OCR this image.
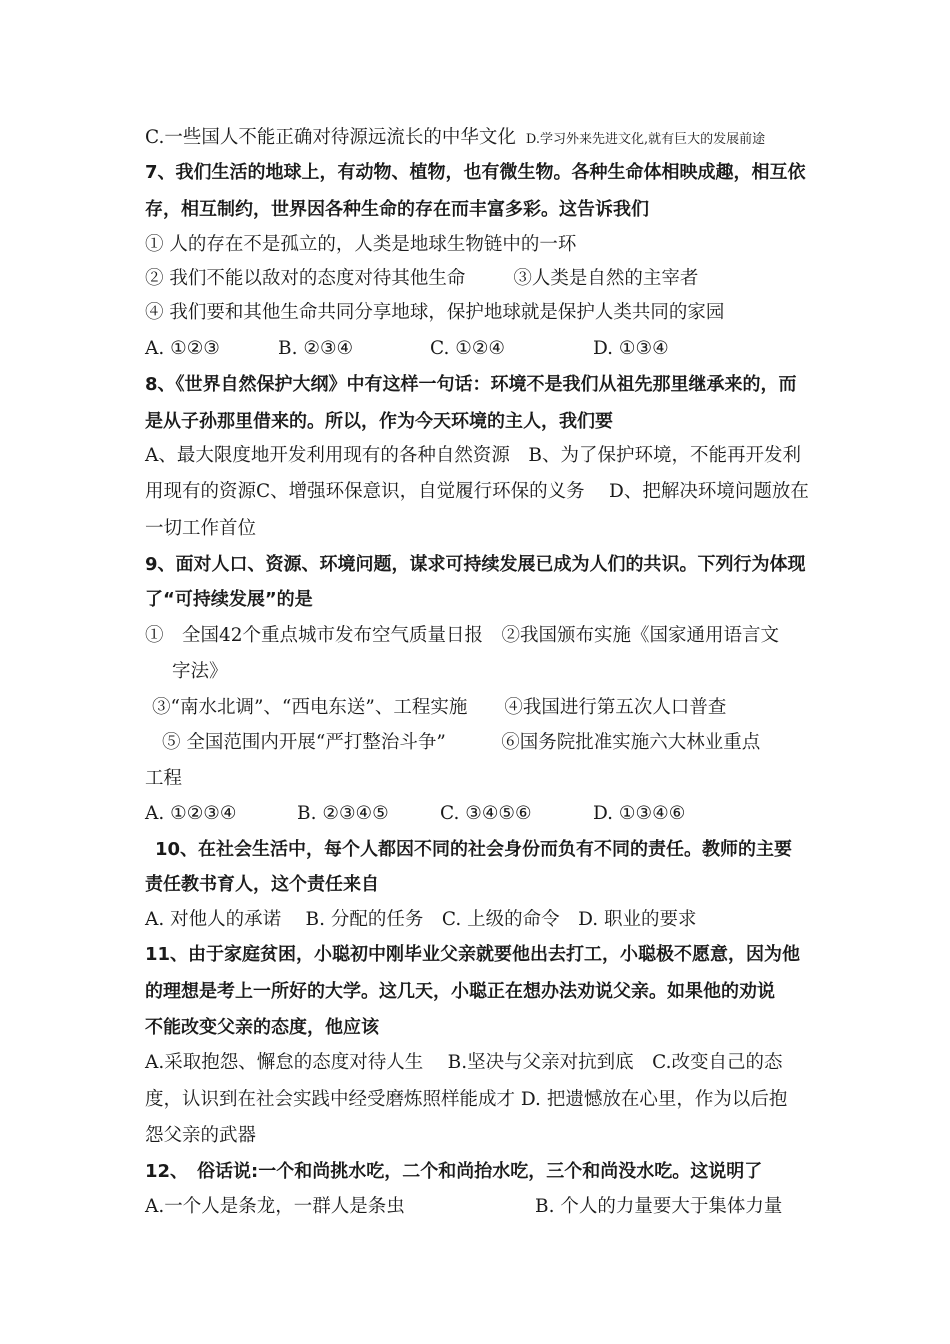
C.一些国人不能正确对待源远流长的中华文化 D.学习外来先进文化,就有巨大的发展前途
7、我们生活的地球上，有动物、植物，也有微生物。各种生命体相映成趣，相互依
存，相互制约，世界因各种生命的存在而丰富多彩。这告诉我们
① 人的存在不是孤立的，人类是地球生物链中的一环
② 我们不能以敌对的态度对待其他生命	③人类是自然的主宰者
④ 我们要和其他生命共同分享地球，保护地球就是保护人类共同的家园
A. ①②③	B. ②③④	C. ①②④	D. ①③④
8、《世界自然保护大纲》中有这样一句话：环境不是我们从祖先那里继承来的，而
是从子孙那里借来的。所以，作为今天环境的主人，我们要
A、最大限度地开发利用现有的各种自然资源　B、为了保护环境，不能再开发利
用现有的资源C、增强环保意识，自觉履行环保的义务　 D、把解决环境问题放在
一切工作首位
9、面对人口、资源、环境问题，谋求可持续发展已成为人们的共识。下列行为体现
了“可持续发展”的是
①　全国42个重点城市发布空气质量日报　②我国颁布实施《国家通用语言文
字法》
③“南水北调”、“西电东送”、工程实施　　④我国进行第五次人口普查
⑤ 全国范围内开展“严打整治斗争”　　　⑥国务院批准实施六大林业重点
工程
A. ①②③④	B. ②③④⑤	C. ③④⑤⑥	D. ①③④⑥
10、在社会生活中，每个人都因不同的社会身份而负有不同的责任。教师的主要
责任教书育人，这个责任来自
A. 对他人的承诺　 B. 分配的任务　C. 上级的命令　D. 职业的要求
11、由于家庭贫困，小聪初中刚毕业父亲就要他出去打工，小聪极不愿意，因为他
的理想是考上一所好的大学。这几天，小聪正在想办法劝说父亲。如果他的劝说
不能改变父亲的态度，他应该
A.采取抱怨、懈怠的态度对待人生　 B.坚决与父亲对抗到底　C.改变自己的态
度，认识到在社会实践中经受磨炼照样能成才 D. 把遗憾放在心里，作为以后抱
怨父亲的武器
12、　俗话说:一个和尚挑水吃，二个和尚抬水吃，三个和尚没水吃。这说明了
A.一个人是条龙，一群人是条虫	B. 个人的力量要大于集体力量
